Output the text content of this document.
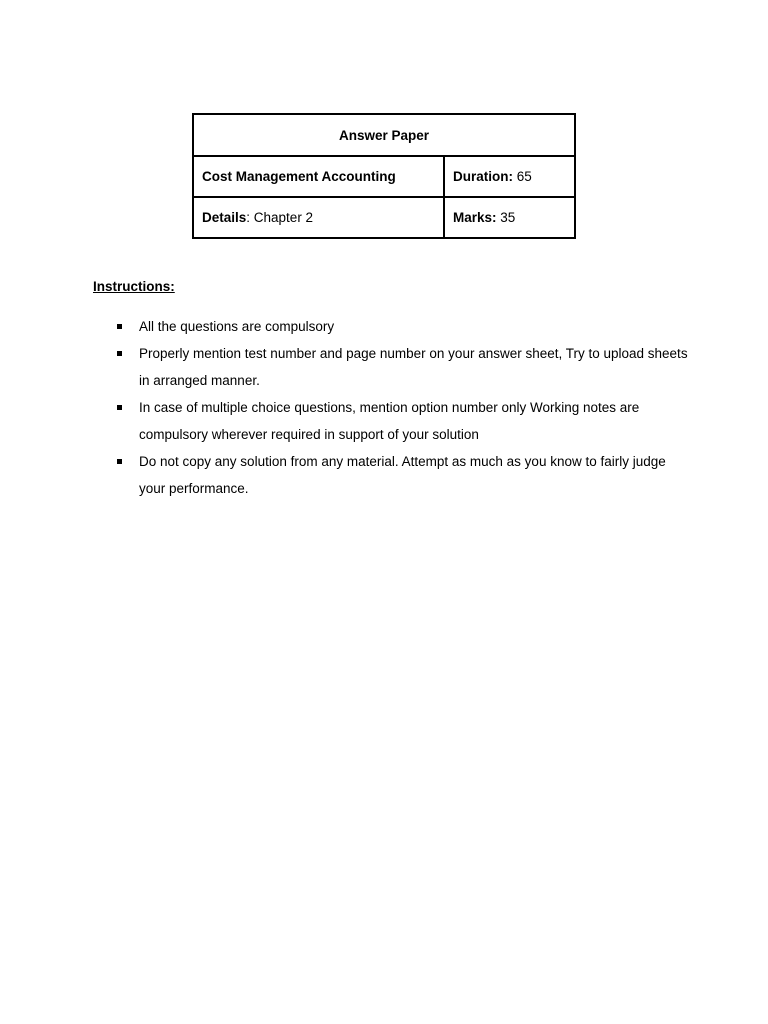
Answer Paper	
Cost Management Accounting	Duration: 65
Details: Chapter 2	Marks: 35

Instructions:

All the questions are compulsory
Properly mention test number and page number on your answer sheet, Try to upload sheets in arranged manner.
In case of multiple choice questions, mention option number only Working notes are compulsory wherever required in support of your solution
Do not copy any solution from any material. Attempt as much as you know to fairly judge your performance.
